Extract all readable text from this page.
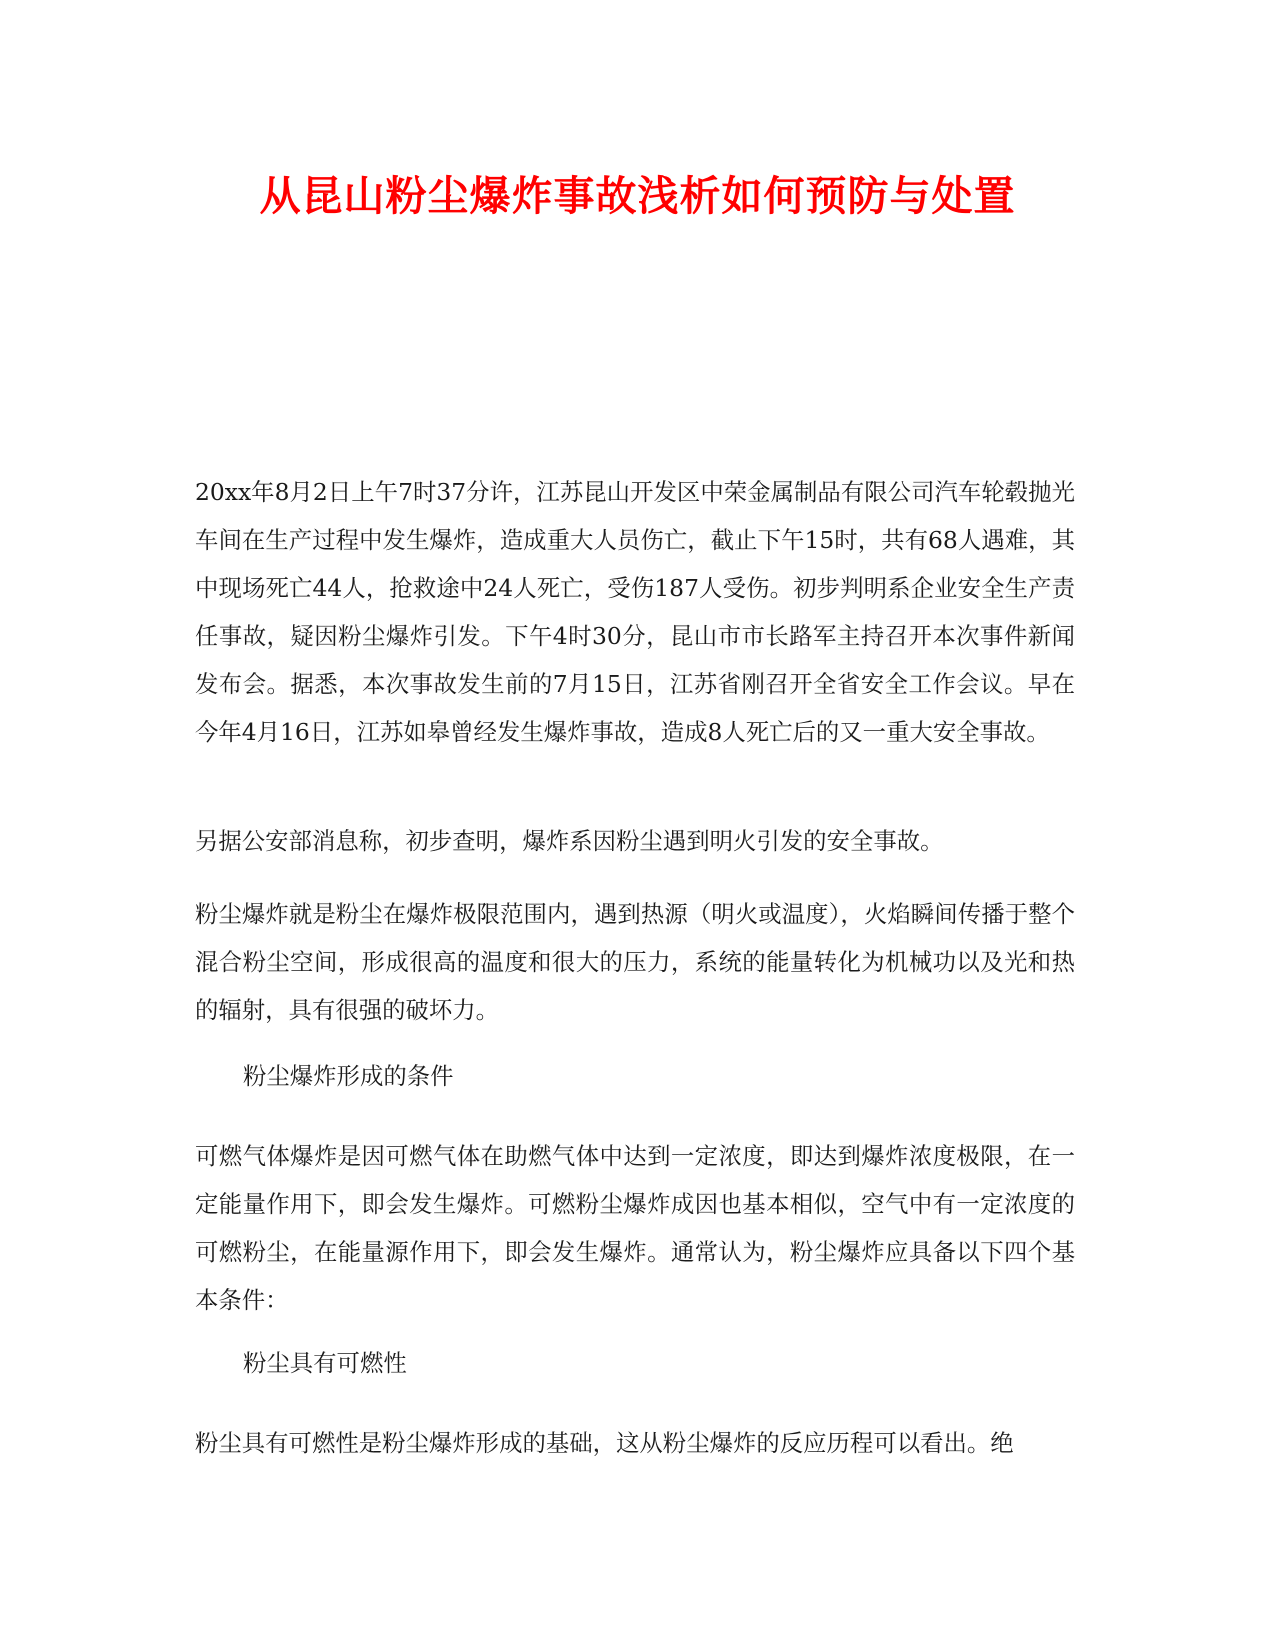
从昆山粉尘爆炸事故浅析如何预防与处置

20xx年8月2日上午7时37分许，江苏昆山开发区中荣金属制品有限公司汽车轮毂抛光车间在生产过程中发生爆炸，造成重大人员伤亡，截止下午15时，共有68人遇难，其中现场死亡44人，抢救途中24人死亡，受伤187人受伤。初步判明系企业安全生产责任事故，疑因粉尘爆炸引发。下午4时30分，昆山市市长路军主持召开本次事件新闻发布会。据悉，本次事故发生前的7月15日，江苏省刚召开全省安全工作会议。早在今年4月16日，江苏如皋曾经发生爆炸事故，造成8人死亡后的又一重大安全事故。

另据公安部消息称，初步查明，爆炸系因粉尘遇到明火引发的安全事故。

粉尘爆炸就是粉尘在爆炸极限范围内，遇到热源（明火或温度），火焰瞬间传播于整个混合粉尘空间，形成很高的温度和很大的压力，系统的能量转化为机械功以及光和热的辐射，具有很强的破坏力。

粉尘爆炸形成的条件

可燃气体爆炸是因可燃气体在助燃气体中达到一定浓度，即达到爆炸浓度极限，在一定能量作用下，即会发生爆炸。可燃粉尘爆炸成因也基本相似，空气中有一定浓度的可燃粉尘，在能量源作用下，即会发生爆炸。通常认为，粉尘爆炸应具备以下四个基本条件：

粉尘具有可燃性

粉尘具有可燃性是粉尘爆炸形成的基础，这从粉尘爆炸的反应历程可以看出。绝
